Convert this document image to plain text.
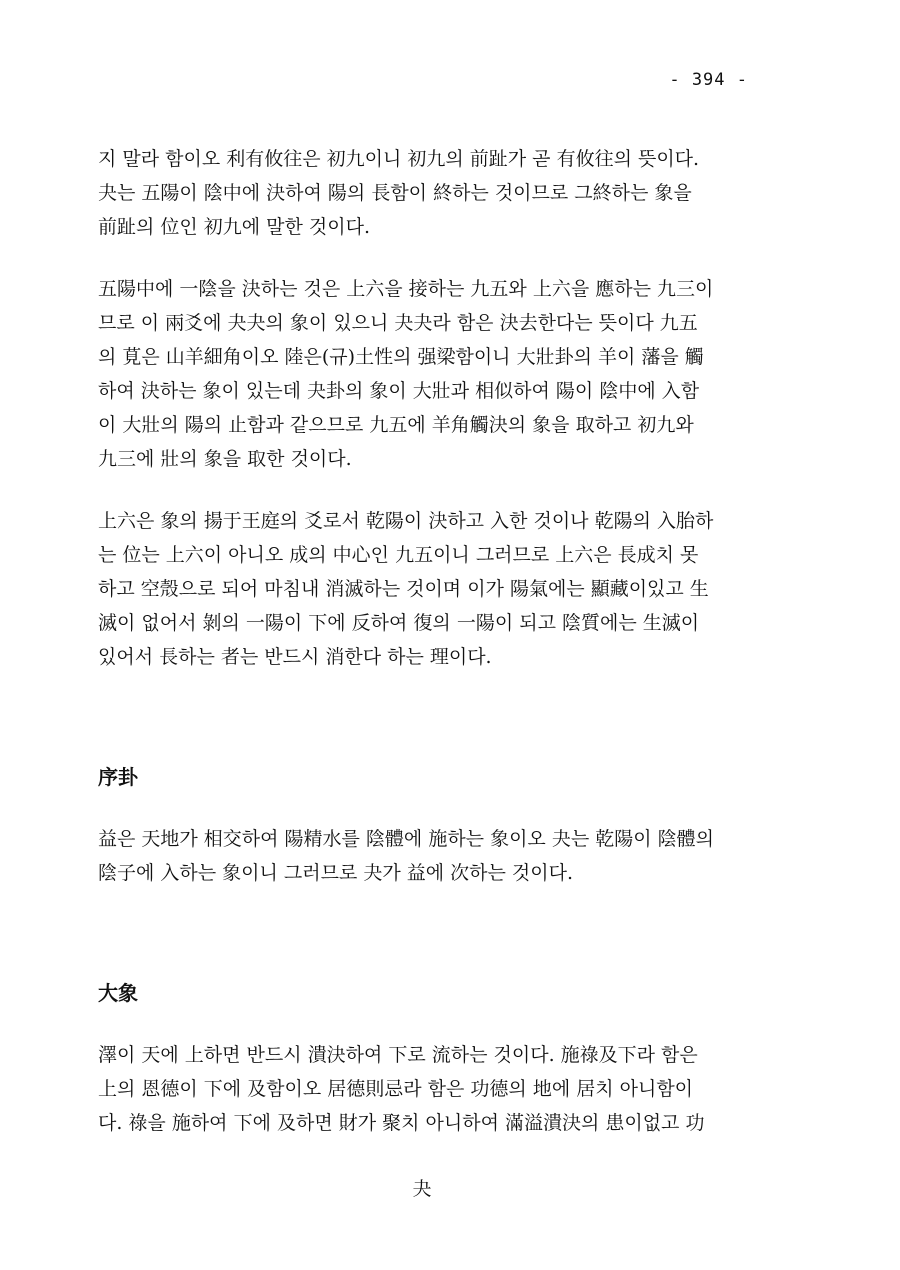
- 394 -
지 말라 함이오 利有攸往은 初九이니 初九의 前趾가 곧 有攸往의 뜻이다.
夬는 五陽이 陰中에 決하여 陽의 長함이 終하는 것이므로 그終하는 象을
前趾의 位인 初九에 말한 것이다.
五陽中에 一陰을 決하는 것은 上六을 接하는 九五와 上六을 應하는 九三이
므로 이 兩爻에 夬夬의 象이 있으니 夬夬라 함은 決去한다는 뜻이다 九五
의 莧은 山羊細角이오 陸은(규)土性의 强梁함이니 大壯卦의 羊이 藩을 觸
하여 決하는 象이 있는데 夬卦의 象이 大壯과 相似하여 陽이 陰中에 入함
이 大壯의 陽의 止함과 같으므로 九五에 羊角觸決의 象을 取하고 初九와
九三에 壯의 象을 取한 것이다.
上六은 象의 揚于王庭의 爻로서 乾陽이 決하고 入한 것이나 乾陽의 入胎하
는 位는 上六이 아니오 成의 中心인 九五이니 그러므로 上六은 長成치 못
하고 空殼으로 되어 마침내 消滅하는 것이며 이가 陽氣에는 顯藏이있고 生
滅이 없어서 剝의 一陽이 下에 反하여 復의 一陽이 되고 陰質에는 生滅이
있어서 長하는 者는 반드시 消한다 하는 理이다.
序卦
益은 天地가 相交하여 陽精水를 陰體에 施하는 象이오 夬는 乾陽이 陰體의
陰子에 入하는 象이니 그러므로 夬가 益에 次하는 것이다.
大象
澤이 天에 上하면 반드시 潰決하여 下로 流하는 것이다. 施祿及下라 함은
上의 恩德이 下에 及함이오 居德則忌라 함은 功德의 地에 居치 아니함이
다. 祿을 施하여 下에 及하면 財가 聚치 아니하여 滿溢潰決의 患이없고 功
夬
